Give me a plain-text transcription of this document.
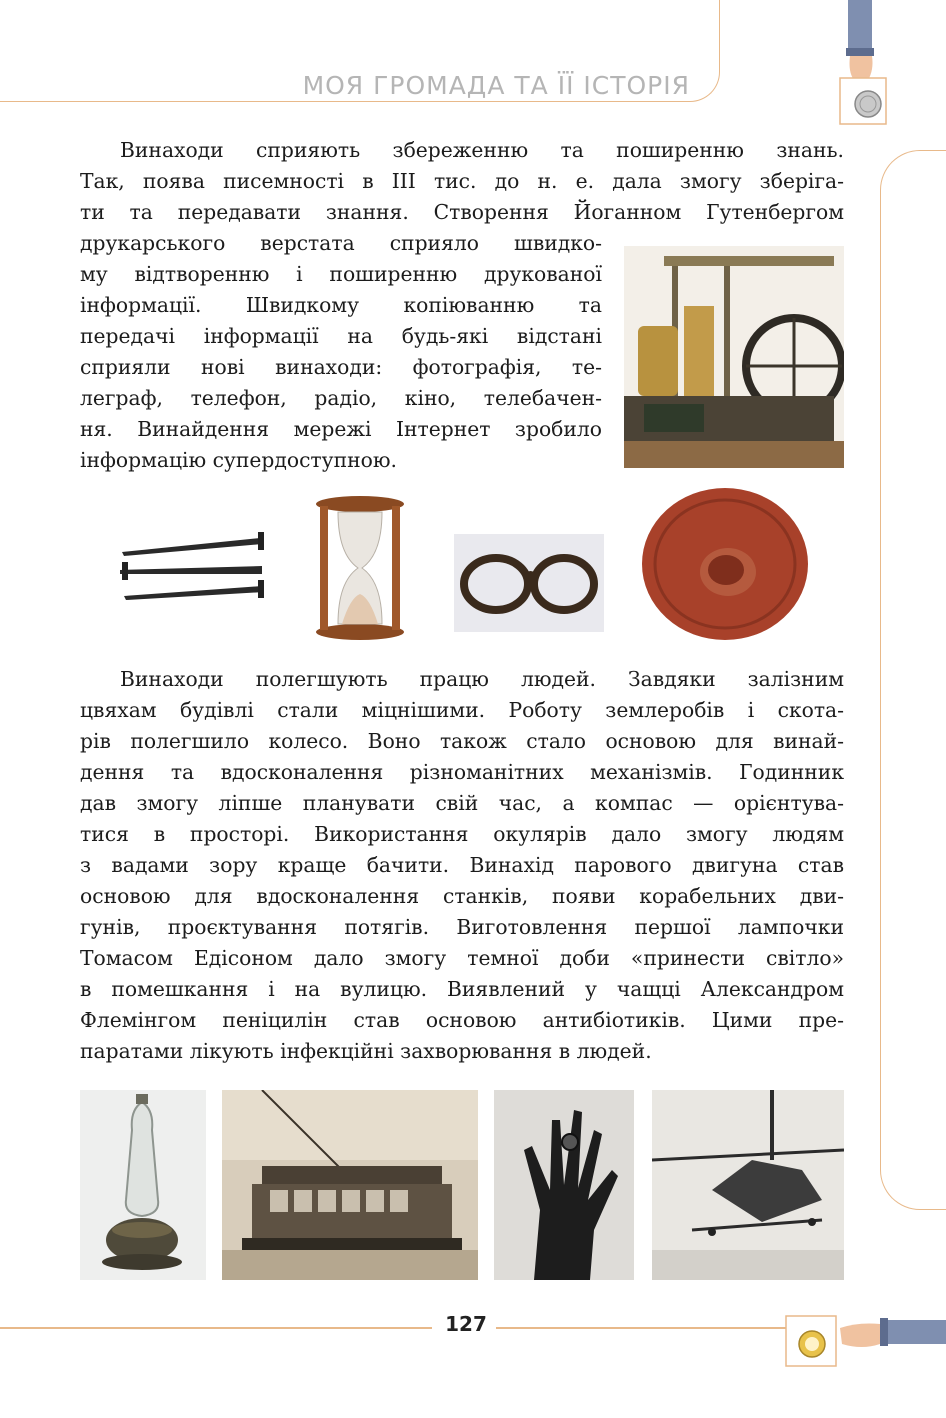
МОЯ ГРОМАДА ТА ЇЇ ІСТОРІЯ
Винаходи сприяють збереженню та поширенню знань.
Так, поява писемності в ІІІ тис. до н. е. дала змогу зберіга-
ти та передавати знання. Створення Йоганном Гутенбергом
друкарського верстата сприяло швидко-
му відтворенню і поширенню друкованої
інформації. Швидкому копіюванню та
передачі інформації на будь-які відстані
сприяли нові винаходи: фотографія, те-
леграф, телефон, радіо, кіно, телебачен-
ня. Винайдення мережі Інтернет зробило
інформацію супердоступною.
Винаходи полегшують працю людей. Завдяки залізним
цвяхам будівлі стали міцнішими. Роботу землеробів і скота-
рів полегшило колесо. Воно також стало основою для винай-
дення та вдосконалення різноманітних механізмів. Годинник
дав змогу ліпше планувати свій час, а компас — орієнтува-
тися в просторі. Використання окулярів дало змогу людям
з вадами зору краще бачити. Винахід парового двигуна став
основою для вдосконалення станків, появи корабельних дви-
гунів, проєктування потягів. Виготовлення першої лампочки
Томасом Едісоном дало змогу темної доби «принести світло»
в помешкання і на вулицю. Виявлений у чащці Александром
Флемінгом пеніцилін став основою антибіотиків. Цими пре-
паратами лікують інфекційні захворювання в людей.
127
